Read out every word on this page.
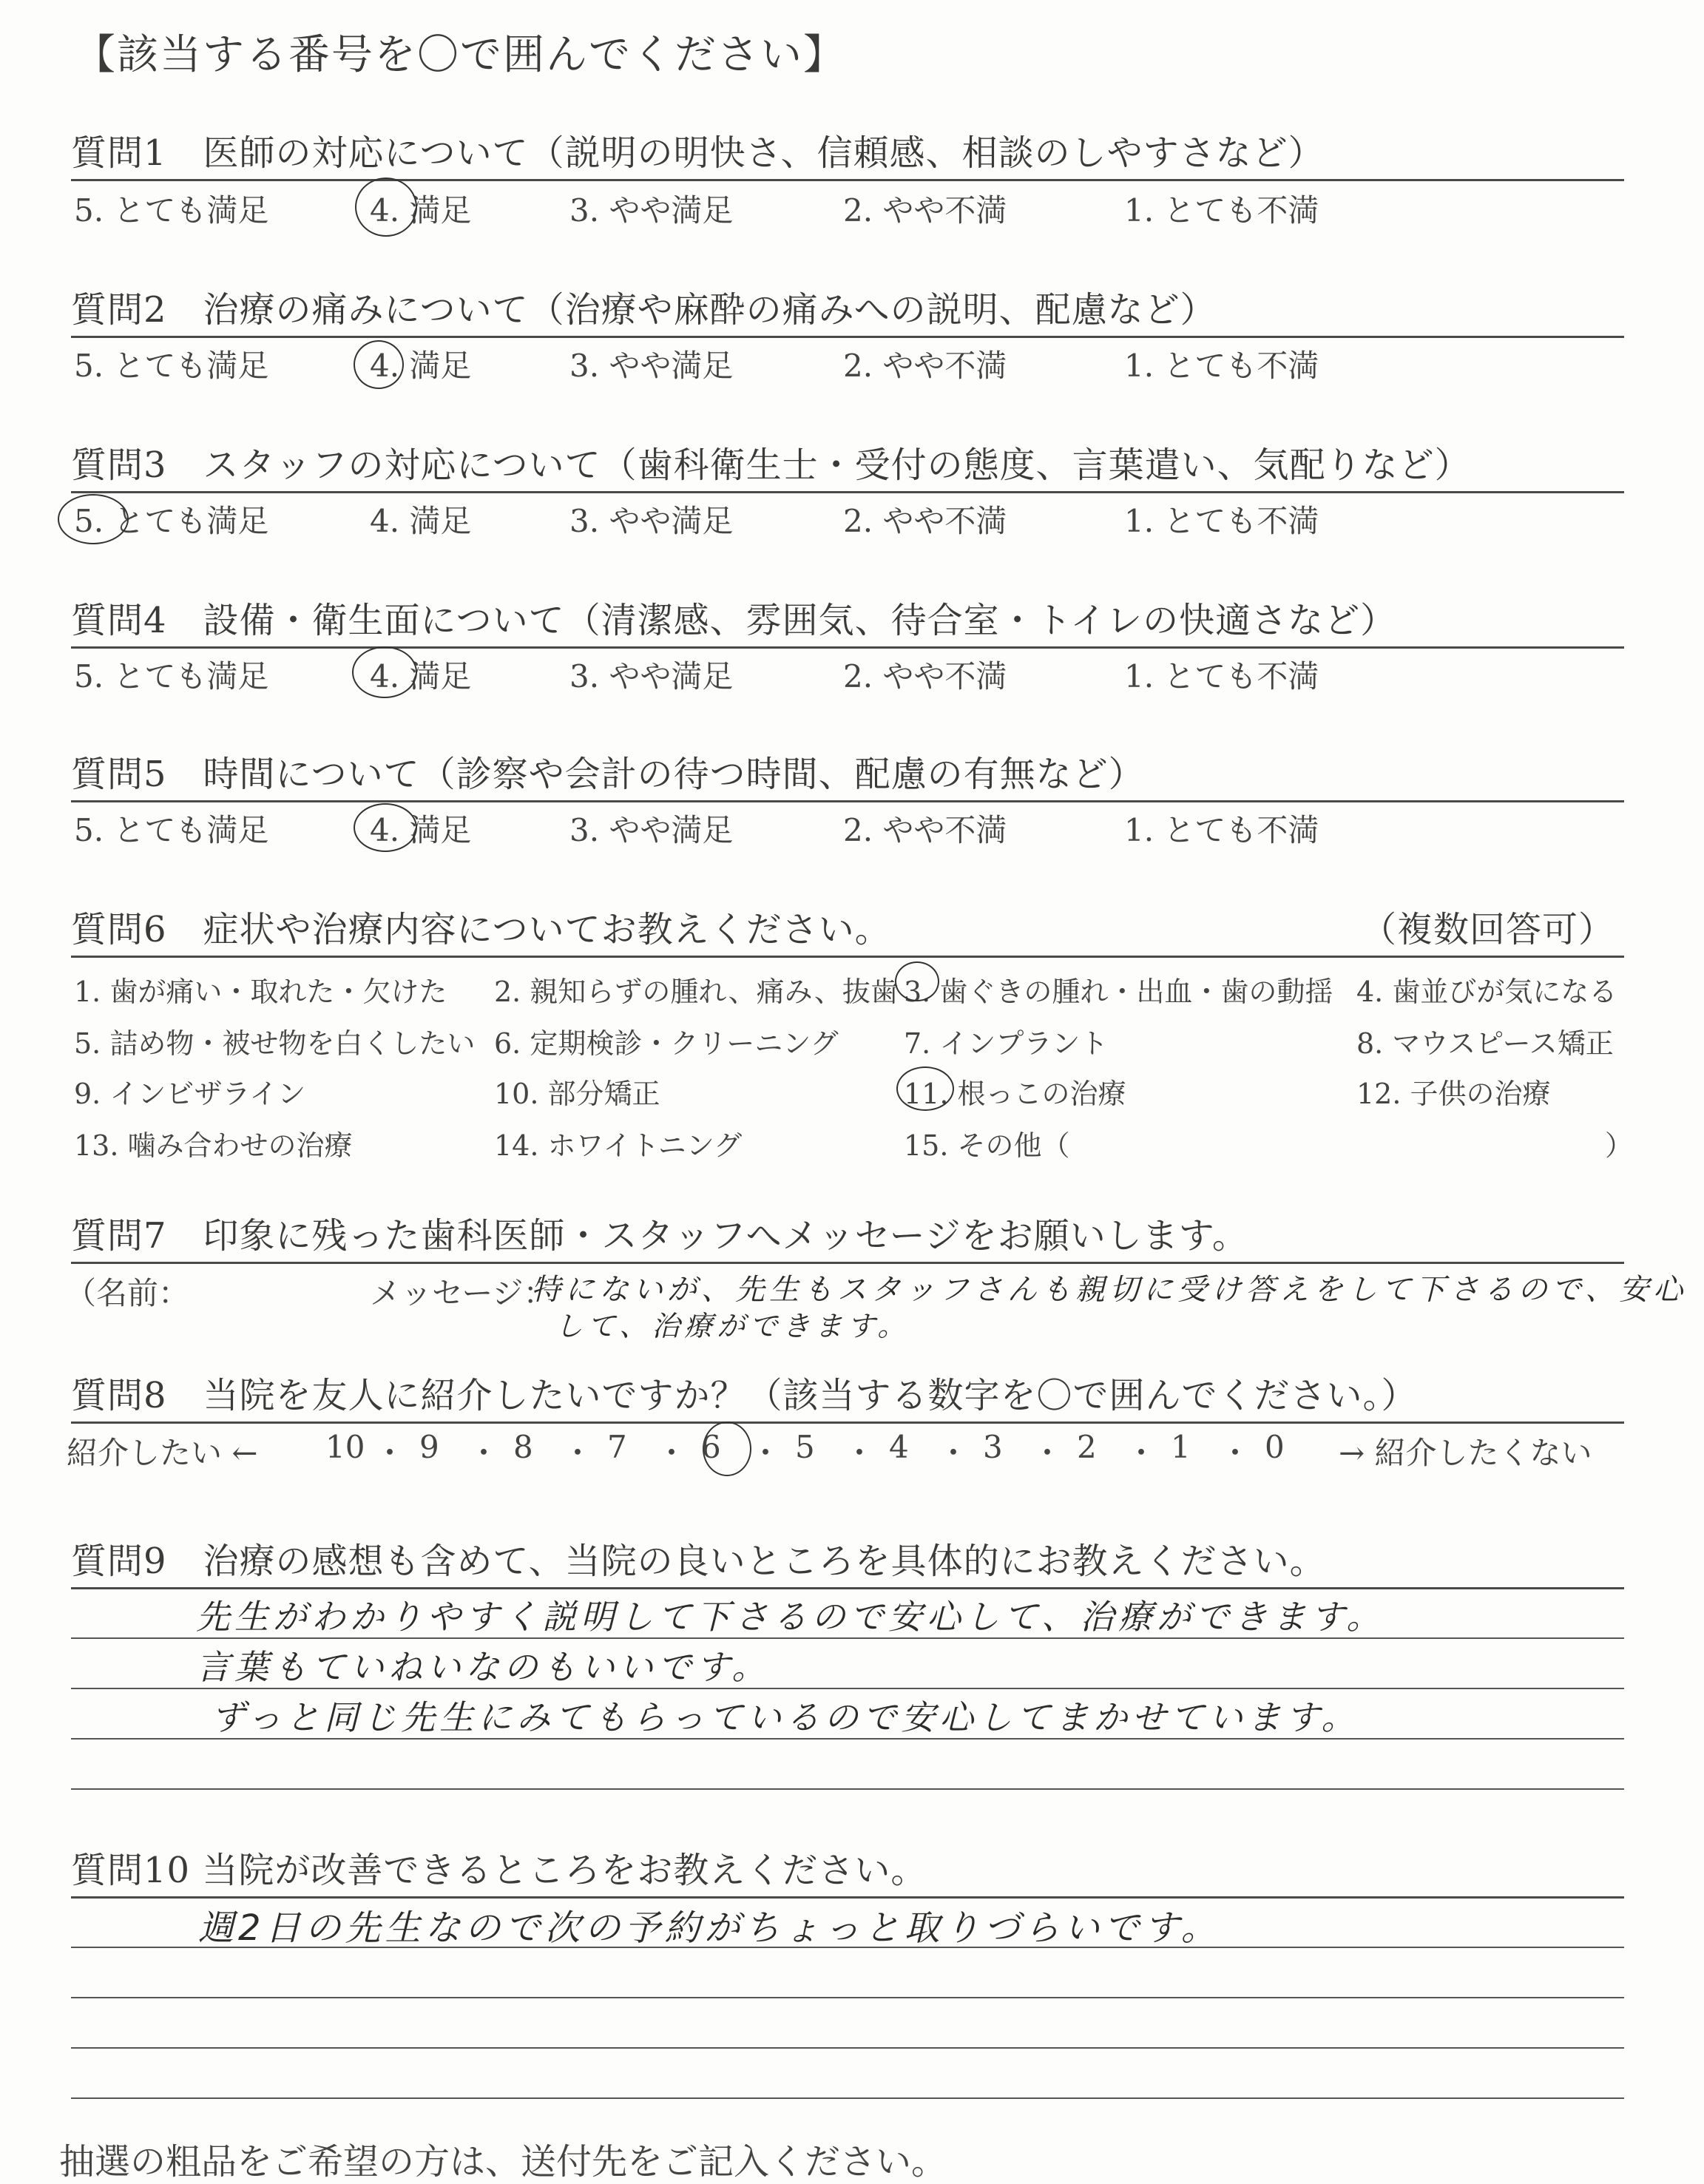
【該当する番号を〇で囲んでください】
質問1　医師の対応について（説明の明快さ、信頼感、相談のしやすさなど）
5. とても満足	4. 満足	3. やや満足	2. やや不満	1. とても不満
質問2　治療の痛みについて（治療や麻酔の痛みへの説明、配慮など）
5. とても満足	4. 満足	3. やや満足	2. やや不満	1. とても不満
質問3　スタッフの対応について（歯科衛生士・受付の態度、言葉遣い、気配りなど）
5. とても満足	4. 満足	3. やや満足	2. やや不満	1. とても不満
質問4　設備・衛生面について（清潔感、雰囲気、待合室・トイレの快適さなど）
5. とても満足	4. 満足	3. やや満足	2. やや不満	1. とても不満
質問5　時間について（診察や会計の待つ時間、配慮の有無など）
5. とても満足	4. 満足	3. やや満足	2. やや不満	1. とても不満
質問6　症状や治療内容についてお教えください。	（複数回答可）
1. 歯が痛い・取れた・欠けた 2. 親知らずの腫れ、痛み、抜歯 3. 歯ぐきの腫れ・出血・歯の動揺 4. 歯並びが気になる
5. 詰め物・被せ物を白くしたい 6. 定期検診・クリーニング 7. インプラント	8. マウスピース矯正
9. インビザライン	10. 部分矯正	11. 根っこの治療	12. 子供の治療
13. 噛み合わせの治療	14. ホワイトニング	15. その他（	）
質問7　印象に残った歯科医師・スタッフへメッセージをお願いします。
（名前：	メッセージ：
特にないが、先生もスタッフさんも親切に受け答えをして下さるので、安心
して、治療ができます。
質問8　当院を友人に紹介したいですか？（該当する数字を〇で囲んでください。）
紹介したい ←	→ 紹介したくない
質問9　治療の感想も含めて、当院の良いところを具体的にお教えください。
先生がわかりやすく説明して下さるので安心して、治療ができます。
言葉もていねいなのもいいです。
ずっと同じ先生にみてもらっているので安心してまかせています。
質問10 当院が改善できるところをお教えください。
週2日の先生なので次の予約がちょっと取りづらいです。
抽選の粗品をご希望の方は、送付先をご記入ください。
10 ・ 9 ・ 8 ・ 7 ・ 6 ・ 5 ・ 4 ・ 3 ・ 2 ・ 1 ・ 0
